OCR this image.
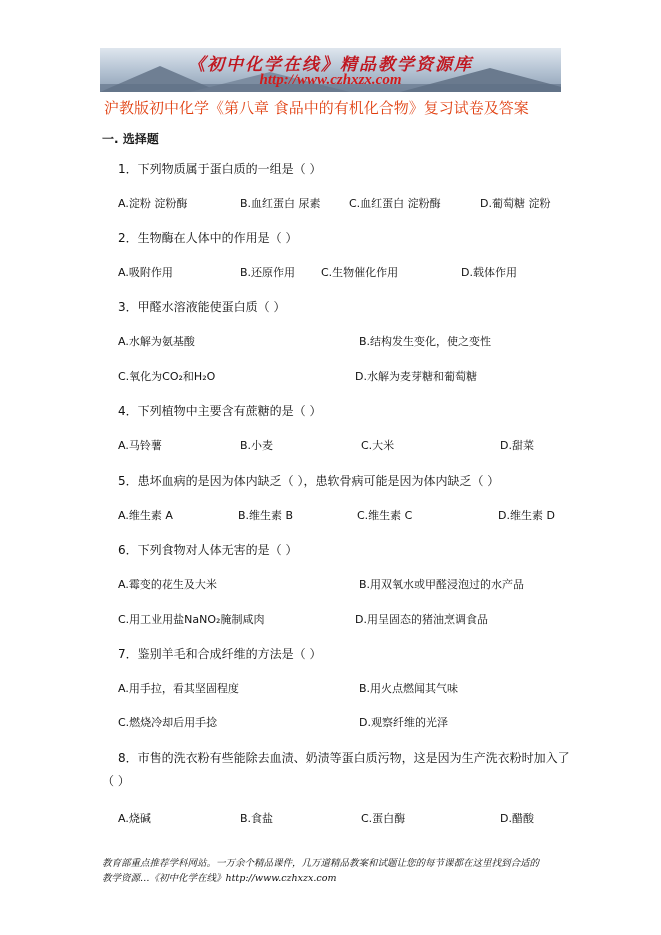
《初中化学在线》精品教学资源库
http://www.czhxzx.com
沪教版初中化学《第八章 食品中的有机化合物》复习试卷及答案
一. 选择题
1．下列物质属于蛋白质的一组是（ ）
A.淀粉 淀粉酶	B.血红蛋白 尿素	C.血红蛋白 淀粉酶	D.葡萄糖 淀粉
2．生物酶在人体中的作用是（ ）
A.吸附作用	B.还原作用 C.生物催化作用	D.载体作用
3．甲醛水溶液能使蛋白质（ ）
A.水解为氨基酸	B.结构发生变化，使之变性
C.氧化为CO₂和H₂O	D.水解为麦芽糖和葡萄糖
4．下列植物中主要含有蔗糖的是（ ）
A.马铃薯	B.小麦	C.大米	D.甜菜
5．患坏血病的是因为体内缺乏（ ），患软骨病可能是因为体内缺乏（ ）
A.维生素 A	B.维生素 B	C.维生素 C	D.维生素 D
6．下列食物对人体无害的是（ ）
A.霉变的花生及大米	B.用双氧水或甲醛浸泡过的水产品
C.用工业用盐NaNO₂腌制咸肉	D.用呈固态的猪油烹调食品
7．鉴别羊毛和合成纤维的方法是（ ）
A.用手拉，看其坚固程度	B.用火点燃闻其气味
C.燃烧冷却后用手捻	D.观察纤维的光泽
8．市售的洗衣粉有些能除去血渍、奶渍等蛋白质污物，这是因为生产洗衣粉时加入了
（ ）
A.烧碱	B.食盐	C.蛋白酶	D.醋酸
教育部重点推荐学科网站。一万余个精品课件，几万道精品教案和试题让您的每节课都在这里找到合适的
教学资源…《初中化学在线》http://www.czhxzx.com
